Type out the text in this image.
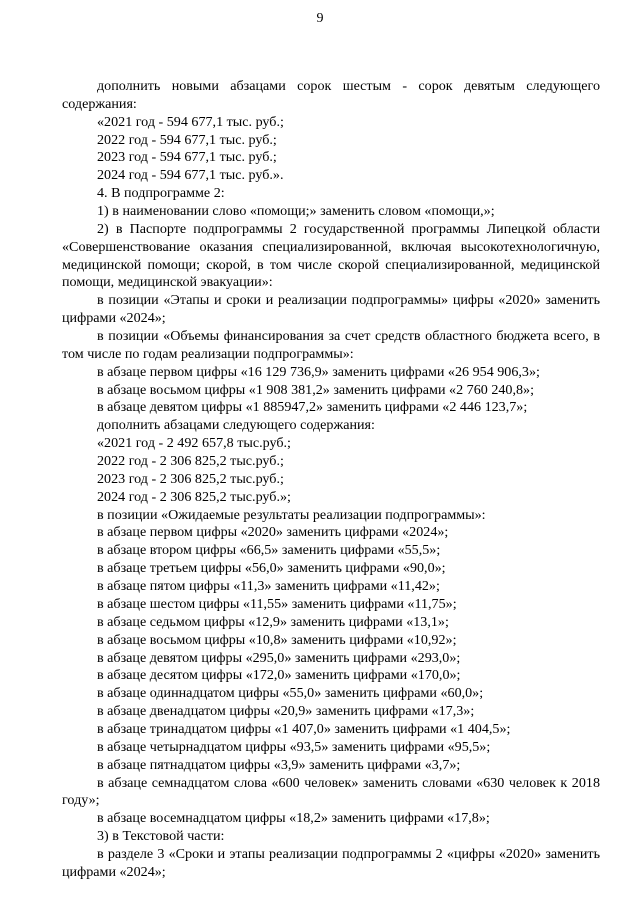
9

дополнить новыми абзацами сорок шестым - сорок девятым следующего содержания:

«2021 год - 594 677,1 тыс. руб.;

2022 год - 594 677,1 тыс. руб.;

2023 год - 594 677,1 тыс. руб.;

2024 год - 594 677,1 тыс. руб.».

4. В подпрограмме 2:

1) в наименовании слово «помощи;» заменить словом «помощи,»;

2) в Паспорте подпрограммы 2 государственной программы Липецкой области «Совершенствование оказания специализированной, включая высокотехнологичную, медицинской помощи; скорой, в том числе скорой специализированной, медицинской помощи, медицинской эвакуации»:

в позиции «Этапы и сроки и реализации подпрограммы» цифры «2020» заменить цифрами «2024»;

в позиции «Объемы финансирования за счет средств областного бюджета всего, в том числе по годам реализации подпрограммы»:

в абзаце первом цифры «16 129 736,9» заменить цифрами «26 954 906,3»;

в абзаце восьмом цифры «1 908 381,2» заменить цифрами «2 760 240,8»;

в абзаце девятом цифры «1 885947,2» заменить цифрами «2 446 123,7»;

дополнить абзацами следующего содержания:

«2021 год - 2 492 657,8 тыс.руб.;

2022 год - 2 306 825,2 тыс.руб.;

2023 год - 2 306 825,2 тыс.руб.;

2024 год - 2 306 825,2 тыс.руб.»;

в позиции «Ожидаемые результаты реализации подпрограммы»:

в абзаце первом цифры «2020» заменить цифрами «2024»;

в абзаце втором цифры «66,5» заменить цифрами «55,5»;

в абзаце третьем цифры «56,0» заменить цифрами «90,0»;

в абзаце пятом цифры «11,3» заменить цифрами «11,42»;

в абзаце шестом цифры «11,55» заменить цифрами «11,75»;

в абзаце седьмом цифры «12,9» заменить цифрами «13,1»;

в абзаце восьмом цифры «10,8» заменить цифрами «10,92»;

в абзаце девятом цифры «295,0» заменить цифрами «293,0»;

в абзаце десятом цифры «172,0» заменить цифрами «170,0»;

в абзаце одиннадцатом цифры «55,0» заменить цифрами «60,0»;

в абзаце двенадцатом цифры «20,9» заменить цифрами «17,3»;

в абзаце тринадцатом цифры «1 407,0» заменить цифрами «1 404,5»;

в абзаце четырнадцатом цифры «93,5» заменить цифрами «95,5»;

в абзаце пятнадцатом цифры «3,9» заменить цифрами «3,7»;

в абзаце семнадцатом слова «600 человек» заменить словами «630 человек к 2018 году»;

в абзаце восемнадцатом цифры «18,2» заменить цифрами «17,8»;

3) в Текстовой части:

в разделе 3 «Сроки и этапы реализации подпрограммы 2 «цифры «2020» заменить цифрами «2024»;
